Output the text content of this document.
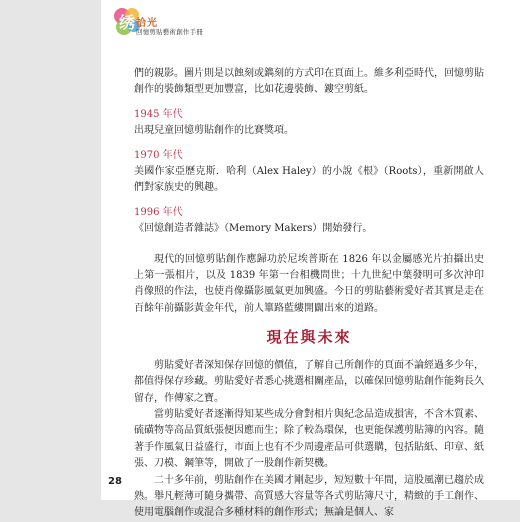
绣 拾光
回憶剪貼藝術創作手冊

們的親影。圖片則是以蝕刻或鐫刻的方式印在頁面上。維多利亞時代，回憶剪貼創作的裝飾類型更加豐富，比如花邊裝飾、鏤空剪紙。

1945 年代

出現兒童回憶剪貼創作的比賽獎項。

1970 年代

美國作家亞歷克斯．哈利（Alex Haley）的小說《根》（Roots），重新開啟人們對家族史的興趣。

1996 年代

《回憶創造者雜誌》（Memory Makers）開始發行。

現代的回憶剪貼創作應歸功於尼埃普斯在 1826 年以金屬感光片拍攝出史上第一張相片，以及 1839 年第一台相機問世；十九世紀中葉發明可多次沖印肖像照的作法，也使肖像攝影風氣更加興盛。今日的剪貼藝術愛好者其實是走在百餘年前攝影黃金年代，前人篳路藍縷開闢出來的道路。

現在與未來

剪貼愛好者深知保存回憶的價值，了解自己所創作的頁面不論經過多少年，都值得保存珍藏。剪貼愛好者悉心挑選相關產品，以確保回憶剪貼創作能夠長久留存，作傳家之寶。

當剪貼愛好者逐漸得知某些成分會對相片與紀念品造成損害，不含木質素、硫磺物等高品質紙張便因應而生；除了較為環保，也更能保護剪貼簿的內容。隨著手作風氣日益盛行，市面上也有不少周邊產品可供選購，包括貼紙、印章、紙張、刀模、鋼筆等，開啟了一股創作新契機。

二十多年前，剪貼創作在美國才剛起步，短短數十年間，這股風潮已趨於成熟。舉凡輕薄可隨身攜帶、高質感大容量等各式剪貼簿尺寸，精緻的手工創作、使用電腦創作或混合多種材料的創作形式；無論是個人、家

28
